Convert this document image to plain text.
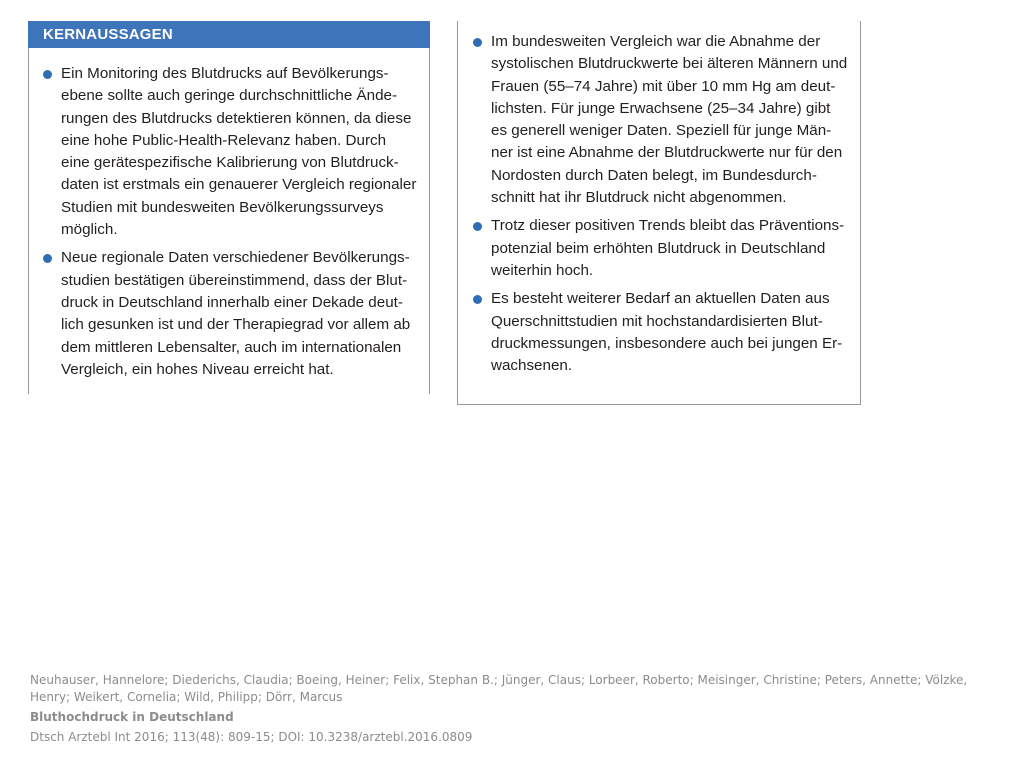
KERNAUSSAGEN
Ein Monitoring des Blutdrucks auf Bevölkerungsebene sollte auch geringe durchschnittliche Änderungen des Blutdrucks detektieren können, da diese eine hohe Public-Health-Relevanz haben. Durch eine gerätespezifische Kalibrierung von Blutdruckdaten ist erstmals ein genauerer Vergleich regionaler Studien mit bundesweiten Bevölkerungssurveys möglich.
Neue regionale Daten verschiedener Bevölkerungsstudien bestätigen übereinstimmend, dass der Blutdruck in Deutschland innerhalb einer Dekade deutlich gesunken ist und der Therapiegrad vor allem ab dem mittleren Lebensalter, auch im internationalen Vergleich, ein hohes Niveau erreicht hat.
Im bundesweiten Vergleich war die Abnahme der systolischen Blutdruckwerte bei älteren Männern und Frauen (55–74 Jahre) mit über 10 mm Hg am deutlichsten. Für junge Erwachsene (25–34 Jahre) gibt es generell weniger Daten. Speziell für junge Männer ist eine Abnahme der Blutdruckwerte nur für den Nordosten durch Daten belegt, im Bundesdurchschnitt hat ihr Blutdruck nicht abgenommen.
Trotz dieser positiven Trends bleibt das Präventionspotenzial beim erhöhten Blutdruck in Deutschland weiterhin hoch.
Es besteht weiterer Bedarf an aktuellen Daten aus Querschnittstudien mit hochstandardisierten Blutdruckmessungen, insbesondere auch bei jungen Erwachsenen.
Neuhauser, Hannelore; Diederichs, Claudia; Boeing, Heiner; Felix, Stephan B.; Jünger, Claus; Lorbeer, Roberto; Meisinger, Christine; Peters, Annette; Völzke, Henry; Weikert, Cornelia; Wild, Philipp; Dörr, Marcus
Bluthochdruck in Deutschland
Dtsch Arztebl Int 2016; 113(48): 809-15; DOI: 10.3238/arztebl.2016.0809
